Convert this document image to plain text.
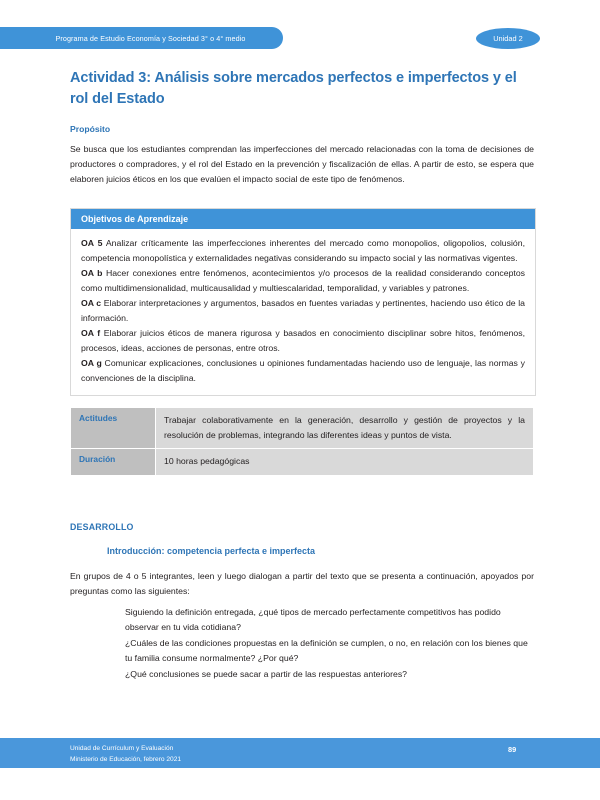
Programa de Estudio Economía y Sociedad 3° o 4° medio	Unidad 2
Actividad 3: Análisis sobre mercados perfectos e imperfectos y el rol del Estado
Propósito
Se busca que los estudiantes comprendan las imperfecciones del mercado relacionadas con la toma de decisiones de productores o compradores, y el rol del Estado en la prevención y fiscalización de ellas. A partir de esto, se espera que elaboren juicios éticos en los que evalúen el impacto social de este tipo de fenómenos.
Objetivos de Aprendizaje

OA 5 Analizar críticamente las imperfecciones inherentes del mercado como monopolios, oligopolios, colusión, competencia monopolística y externalidades negativas considerando su impacto social y las normativas vigentes.

OA b Hacer conexiones entre fenómenos, acontecimientos y/o procesos de la realidad considerando conceptos como multidimensionalidad, multicausalidad y multiescalaridad, temporalidad, y variables y patrones.

OA c Elaborar interpretaciones y argumentos, basados en fuentes variadas y pertinentes, haciendo uso ético de la información.

OA f Elaborar juicios éticos de manera rigurosa y basados en conocimiento disciplinar sobre hitos, fenómenos, procesos, ideas, acciones de personas, entre otros.

OA g Comunicar explicaciones, conclusiones u opiniones fundamentadas haciendo uso de lenguaje, las normas y convenciones de la disciplina.

Actitudes	Trabajar colaborativamente en la generación, desarrollo y gestión de proyectos y la resolución de problemas, integrando las diferentes ideas y puntos de vista.
Duración	10 horas pedagógicas
DESARROLLO
Introducción: competencia perfecta e imperfecta
En grupos de 4 o 5 integrantes, leen y luego dialogan a partir del texto que se presenta a continuación, apoyados por preguntas como las siguientes:
Siguiendo la definición entregada, ¿qué tipos de mercado perfectamente competitivos has podido observar en tu vida cotidiana?
¿Cuáles de las condiciones propuestas en la definición se cumplen, o no, en relación con los bienes que tu familia consume normalmente? ¿Por qué?
¿Qué conclusiones se puede sacar a partir de las respuestas anteriores?
Unidad de Currículum y Evaluación
Ministerio de Educación, febrero 2021
89
